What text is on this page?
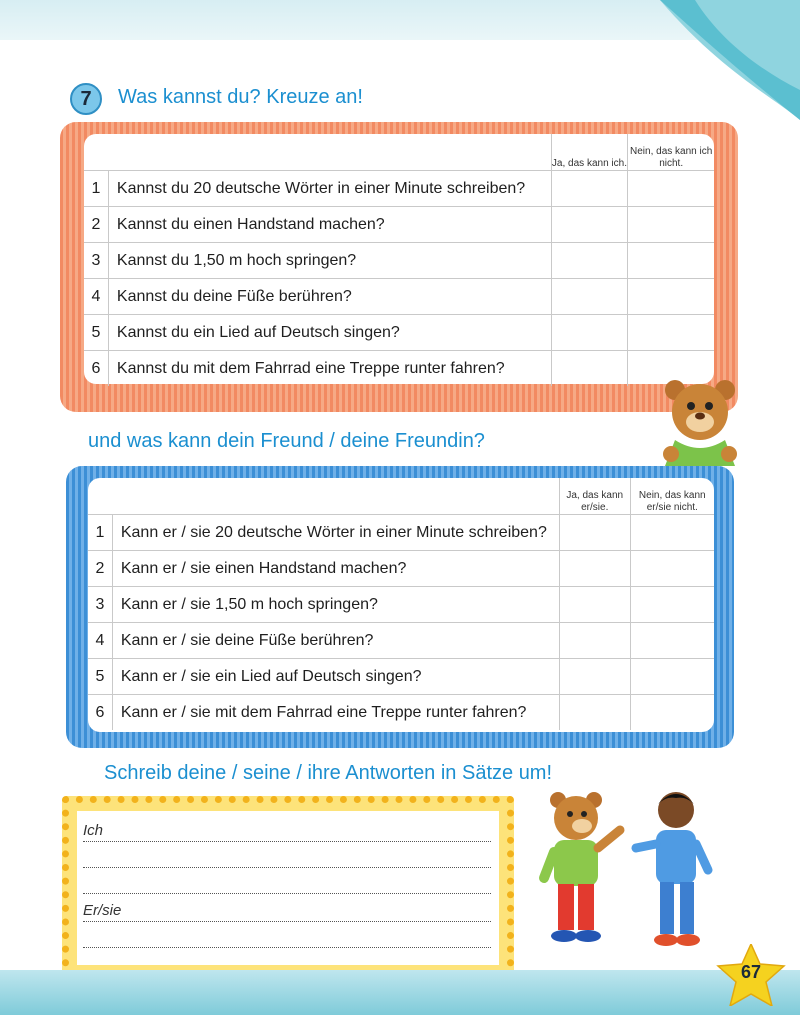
7	Was kannst du? Kreuze an!
		Ja, das kann ich.	Nein, das kann ich nicht.
1	Kannst du 20 deutsche Wörter in einer Minute schreiben?		
2	Kannst du einen Handstand machen?		
3	Kannst du 1,50 m hoch springen?		
4	Kannst du deine Füße berühren?		
5	Kannst du ein Lied auf Deutsch singen?		
6	Kannst du mit dem Fahrrad eine Treppe runter fahren?		
und was kann dein Freund / deine Freundin?
		Ja, das kann er/sie.	Nein, das kann er/sie nicht.
1	Kann er / sie 20 deutsche Wörter in einer Minute schreiben?		
2	Kann er / sie einen Handstand machen?		
3	Kann er / sie 1,50 m hoch springen?		
4	Kann er / sie deine Füße berühren?		
5	Kann er / sie ein Lied auf Deutsch singen?		
6	Kann er / sie mit dem Fahrrad eine Treppe runter fahren?		
Schreib deine / seine / ihre Antworten in Sätze um!
Ich
Er/sie
67
